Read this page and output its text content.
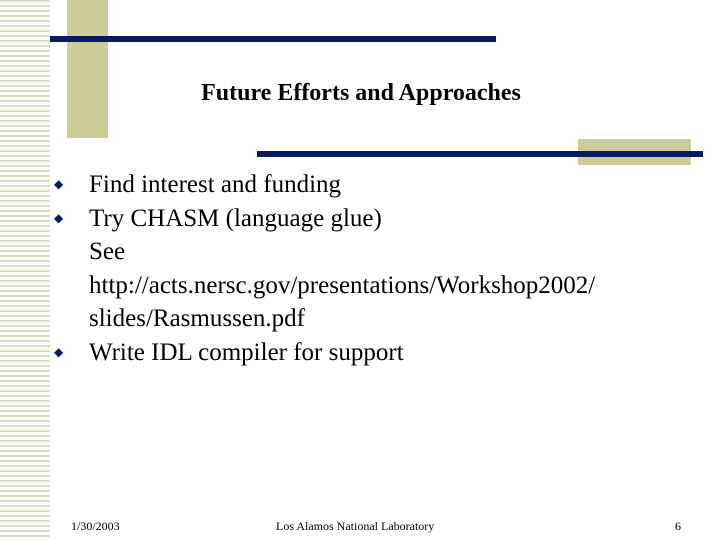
Future Efforts and Approaches
◆ Find interest and funding
◆ Try CHASM (language glue)
See
http://acts.nersc.gov/presentations/Workshop2002/
slides/Rasmussen.pdf
◆ Write IDL compiler for support
1/30/2003	Los Alamos National Laboratory	6
